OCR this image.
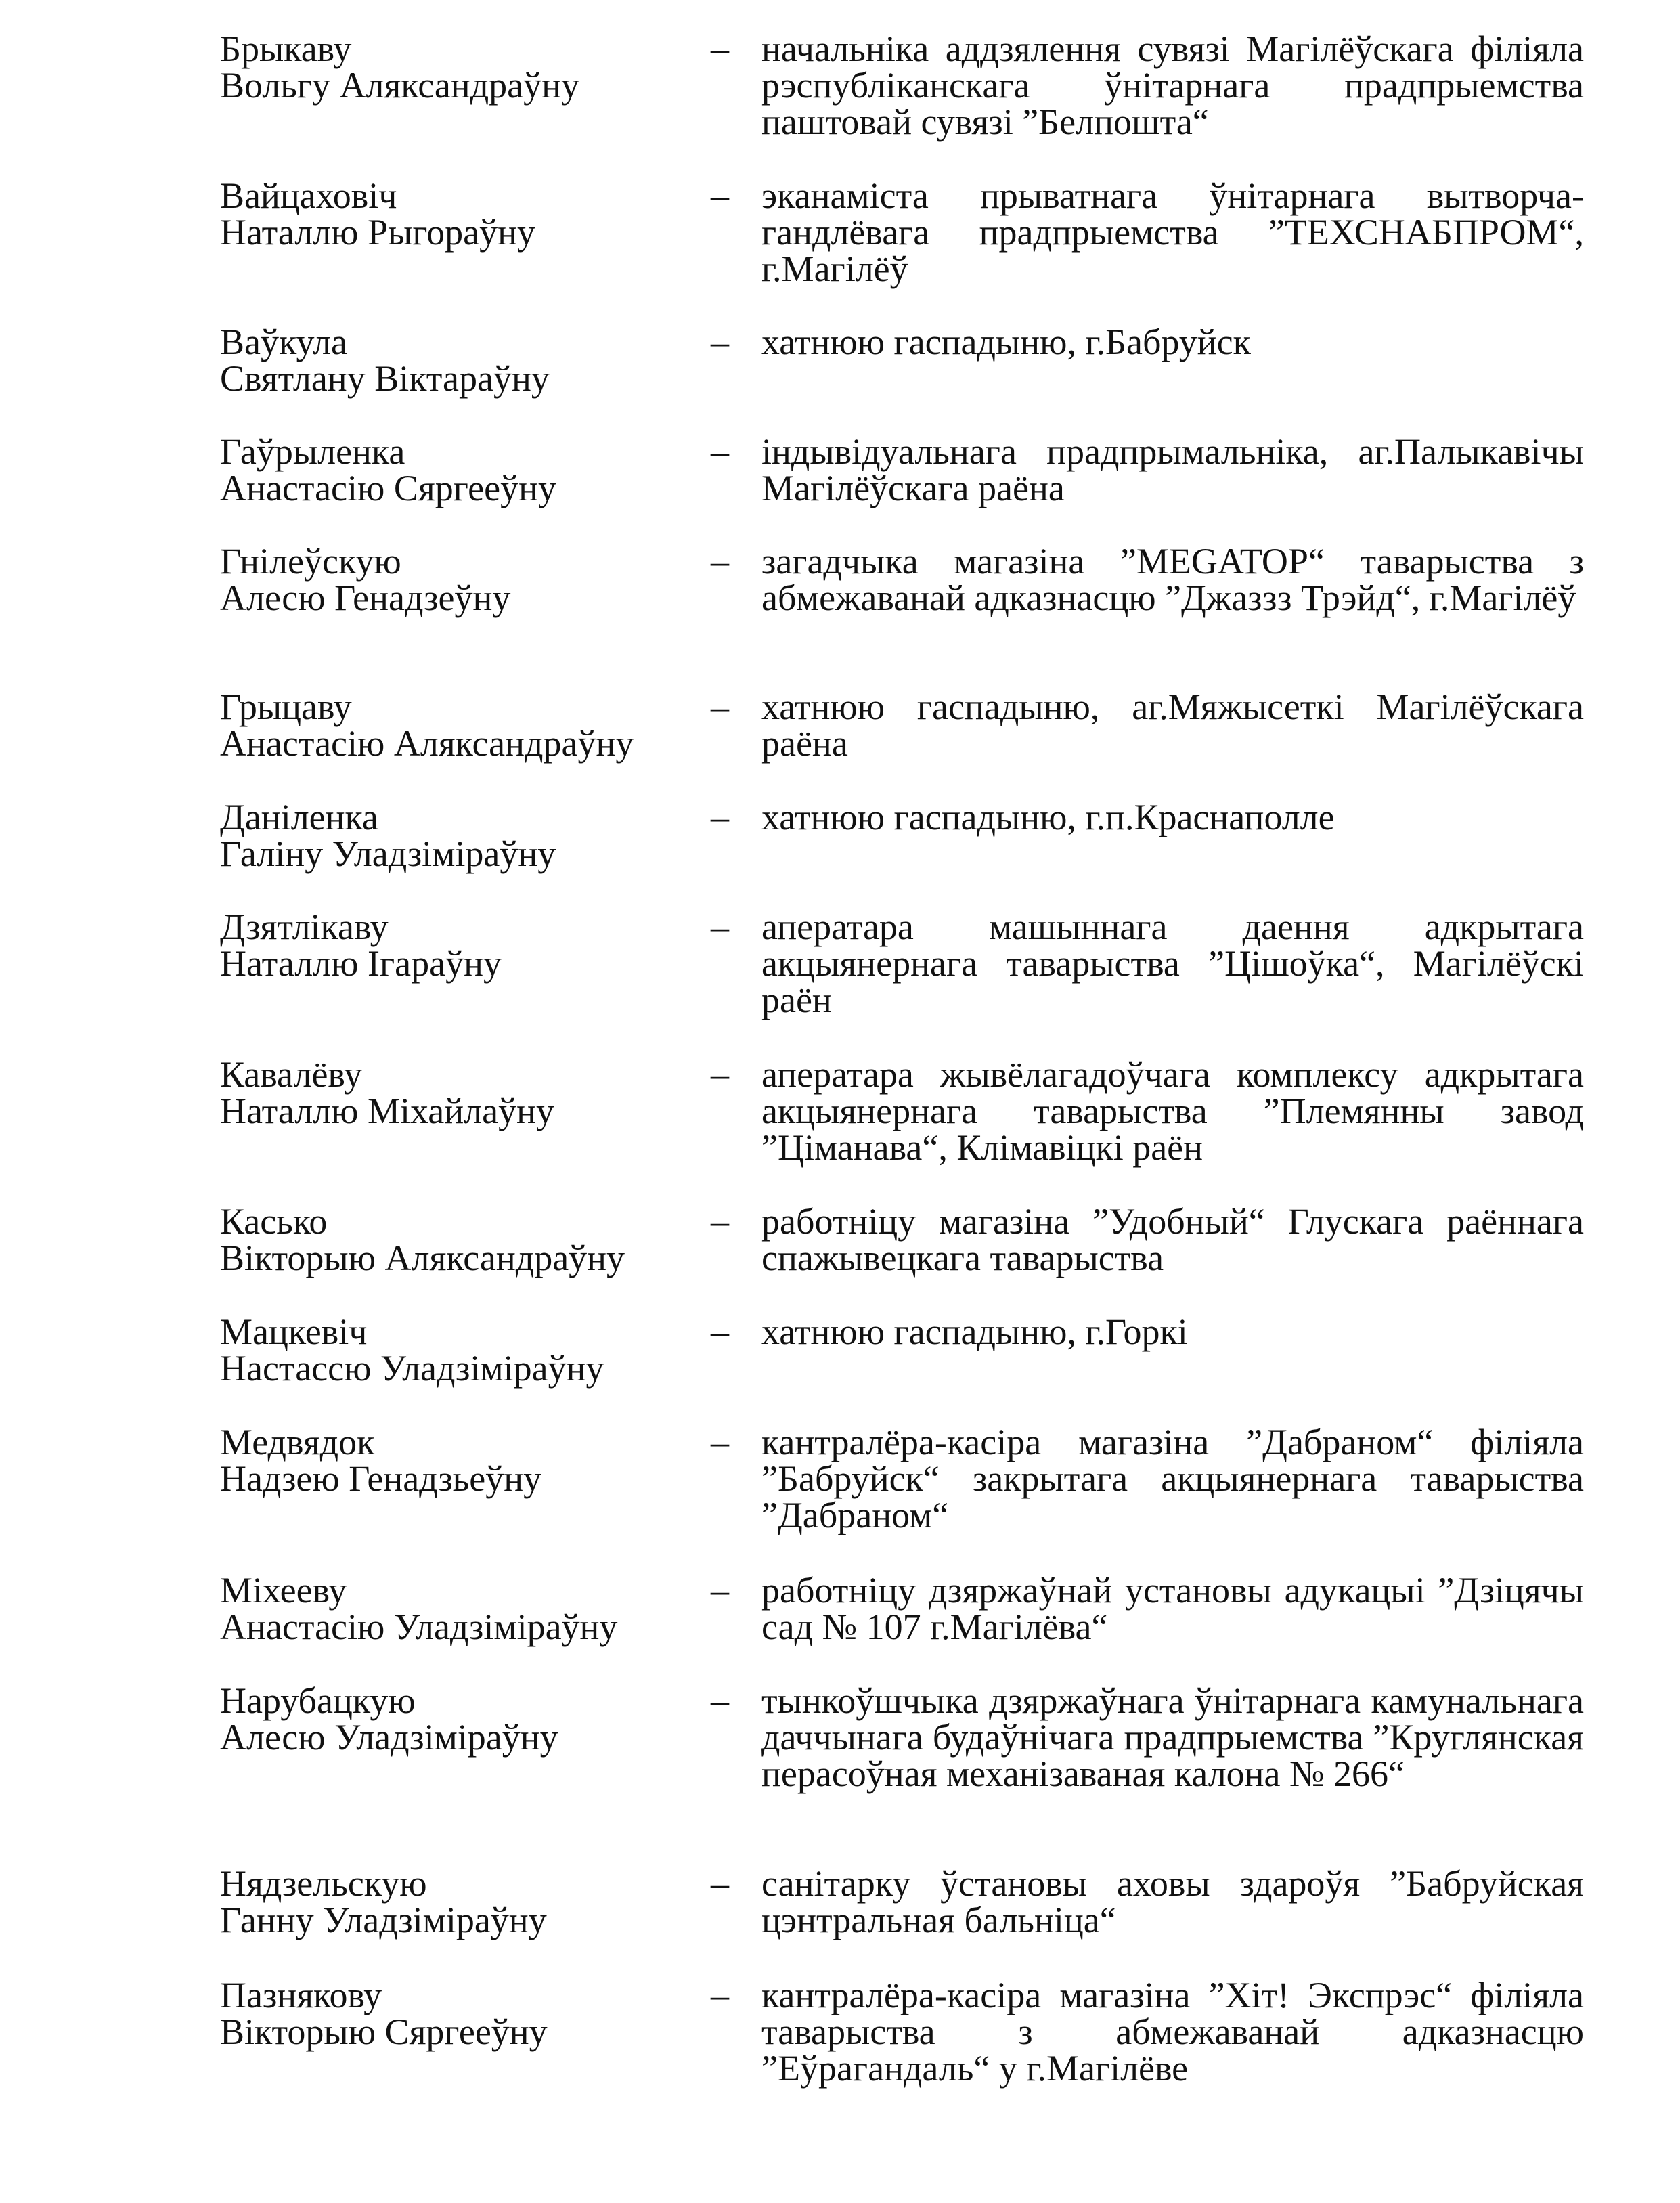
Брыкаву
Вольгу Аляксандраўну
– начальніка аддзялення сувязі Магілёўскага філіяла рэспубліканскага ўнітарнага прадпрыемства паштовай сувязі ”Белпошта“
Вайцаховіч
Наталлю Рыгораўну
– эканаміста прыватнага ўнітарнага вытворча-гандлёвага прадпрыемства ”ТЕХСНАБПРОМ“, г.Магілёў
Ваўкула
Святлану Віктараўну
– хатнюю гаспадыню, г.Бабруйск
Гаўрыленка
Анастасію Сяргееўну
– індывідуальнага прадпрымальніка, аг.Палыкавічы Магілёўскага раёна
Гнілеўскую
Алесю Генадзеўну
– загадчыка магазіна ”MEGATOP“ таварыства з абмежаванай адказнасцю ”Джаззз Трэйд“, г.Магілёў
Грыцаву
Анастасію Аляксандраўну
– хатнюю гаспадыню, аг.Мяжысеткі Магілёўскага раёна
Даніленка
Галіну Уладзіміраўну
– хатнюю гаспадыню, г.п.Краснаполле
Дзятлікаву
Наталлю Ігараўну
– аператара машыннага даення адкрытага акцыянернага таварыства ”Цішоўка“, Магілёўскі раён
Кавалёву
Наталлю Міхайлаўну
– аператара жывёлагадоўчага комплексу адкрытага акцыянернага таварыства ”Племянны завод ”Ціманава“, Клімавіцкі раён
Касько
Вікторыю Аляксандраўну
– работніцу магазіна ”Удобный“ Глускага раённага спажывецкага таварыства
Мацкевіч
Настассю Уладзіміраўну
– хатнюю гаспадыню, г.Горкі
Медвядок
Надзею Генадзьеўну
– кантралёра-касіра магазіна ”Дабраном“ філіяла ”Бабруйск“ закрытага акцыянернага таварыства ”Дабраном“
Міхееву
Анастасію Уладзіміраўну
– работніцу дзяржаўнай установы адукацыі ”Дзіцячы сад № 107 г.Магілёва“
Нарубацкую
Алесю Уладзіміраўну
– тынкоўшчыка дзяржаўнага ўнітарнага камунальнага даччынага будаўнічага прадпрыемства ”Круглянская перасоўная механізаваная калона № 266“
Нядзельскую
Ганну Уладзіміраўну
– санітарку ўстановы аховы здароўя ”Бабруйская цэнтральная бальніца“
Пазнякову
Вікторыю Сяргееўну
– кантралёра-касіра магазіна ”Хіт! Экспрэс“ філіяла таварыства з абмежаванай адказнасцю ”Еўрагандаль“ у г.Магілёве
